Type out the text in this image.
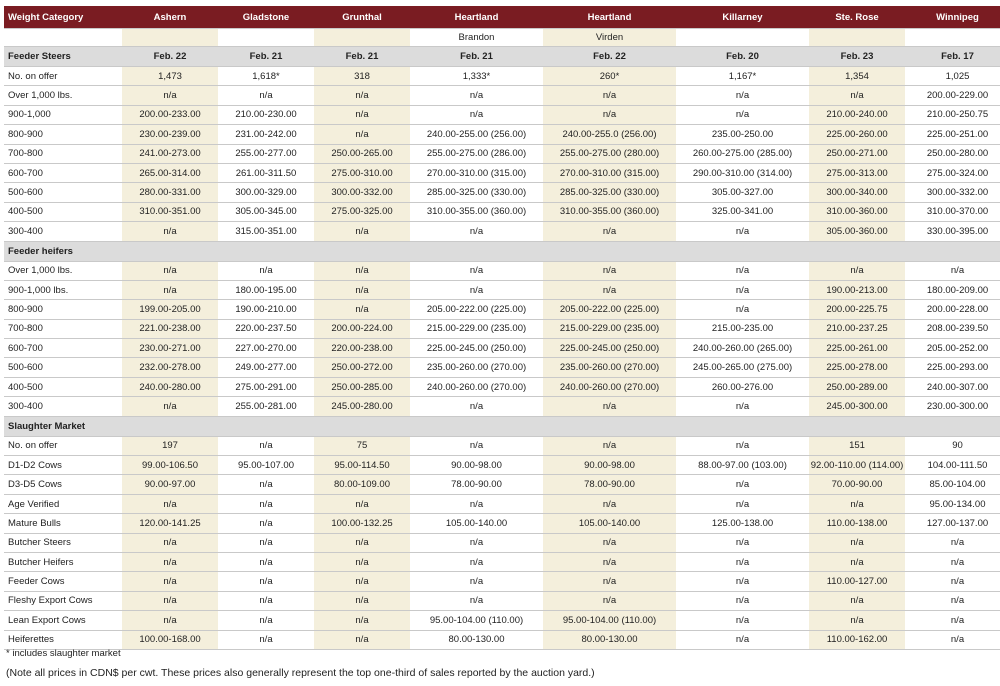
Weight Category	Ashern	Gladstone	Grunthal	Heartland	Heartland	Killarney	Ste. Rose	Winnipeg
				Brandon	Virden			
Feeder Steers	Feb. 22	Feb. 21	Feb. 21	Feb. 21	Feb. 22	Feb. 20	Feb. 23	Feb. 17
No. on offer	1,473	1,618*	318	1,333*	260*	1,167*	1,354	1,025
Over 1,000 lbs.	n/a	n/a	n/a	n/a	n/a	n/a	n/a	200.00-229.00
900-1,000	200.00-233.00	210.00-230.00	n/a	n/a	n/a	n/a	210.00-240.00	210.00-250.75
800-900	230.00-239.00	231.00-242.00	n/a	240.00-255.00 (256.00)	240.00-255.0 (256.00)	235.00-250.00	225.00-260.00	225.00-251.00
700-800	241.00-273.00	255.00-277.00	250.00-265.00	255.00-275.00 (286.00)	255.00-275.00 (280.00)	260.00-275.00 (285.00)	250.00-271.00	250.00-280.00
600-700	265.00-314.00	261.00-311.50	275.00-310.00	270.00-310.00 (315.00)	270.00-310.00 (315.00)	290.00-310.00 (314.00)	275.00-313.00	275.00-324.00
500-600	280.00-331.00	300.00-329.00	300.00-332.00	285.00-325.00 (330.00)	285.00-325.00 (330.00)	305.00-327.00	300.00-340.00	300.00-332.00
400-500	310.00-351.00	305.00-345.00	275.00-325.00	310.00-355.00 (360.00)	310.00-355.00 (360.00)	325.00-341.00	310.00-360.00	310.00-370.00
300-400	n/a	315.00-351.00	n/a	n/a	n/a	n/a	305.00-360.00	330.00-395.00
Feeder heifers								
Over 1,000 lbs.	n/a	n/a	n/a	n/a	n/a	n/a	n/a	n/a
900-1,000 lbs.	n/a	180.00-195.00	n/a	n/a	n/a	n/a	190.00-213.00	180.00-209.00
800-900	199.00-205.00	190.00-210.00	n/a	205.00-222.00 (225.00)	205.00-222.00 (225.00)	n/a	200.00-225.75	200.00-228.00
700-800	221.00-238.00	220.00-237.50	200.00-224.00	215.00-229.00 (235.00)	215.00-229.00 (235.00)	215.00-235.00	210.00-237.25	208.00-239.50
600-700	230.00-271.00	227.00-270.00	220.00-238.00	225.00-245.00 (250.00)	225.00-245.00 (250.00)	240.00-260.00 (265.00)	225.00-261.00	205.00-252.00
500-600	232.00-278.00	249.00-277.00	250.00-272.00	235.00-260.00 (270.00)	235.00-260.00 (270.00)	245.00-265.00 (275.00)	225.00-278.00	225.00-293.00
400-500	240.00-280.00	275.00-291.00	250.00-285.00	240.00-260.00 (270.00)	240.00-260.00 (270.00)	260.00-276.00	250.00-289.00	240.00-307.00
300-400	n/a	255.00-281.00	245.00-280.00	n/a	n/a	n/a	245.00-300.00	230.00-300.00
Slaughter Market								
No. on offer	197	n/a	75	n/a	n/a	n/a	151	90
D1-D2 Cows	99.00-106.50	95.00-107.00	95.00-114.50	90.00-98.00	90.00-98.00	88.00-97.00 (103.00)	92.00-110.00 (114.00)	104.00-111.50
D3-D5 Cows	90.00-97.00	n/a	80.00-109.00	78.00-90.00	78.00-90.00	n/a	70.00-90.00	85.00-104.00
Age Verified	n/a	n/a	n/a	n/a	n/a	n/a	n/a	95.00-134.00
Mature Bulls	120.00-141.25	n/a	100.00-132.25	105.00-140.00	105.00-140.00	125.00-138.00	110.00-138.00	127.00-137.00
Butcher Steers	n/a	n/a	n/a	n/a	n/a	n/a	n/a	n/a
Butcher Heifers	n/a	n/a	n/a	n/a	n/a	n/a	n/a	n/a
Feeder Cows	n/a	n/a	n/a	n/a	n/a	n/a	110.00-127.00	n/a
Fleshy Export Cows	n/a	n/a	n/a	n/a	n/a	n/a	n/a	n/a
Lean Export Cows	n/a	n/a	n/a	95.00-104.00 (110.00)	95.00-104.00 (110.00)	n/a	n/a	n/a
Heiferettes	100.00-168.00	n/a	n/a	80.00-130.00	80.00-130.00	n/a	110.00-162.00	n/a
* includes slaughter market
(Note all prices in CDN$ per cwt. These prices also generally represent the top one-third of sales reported by the auction yard.)
